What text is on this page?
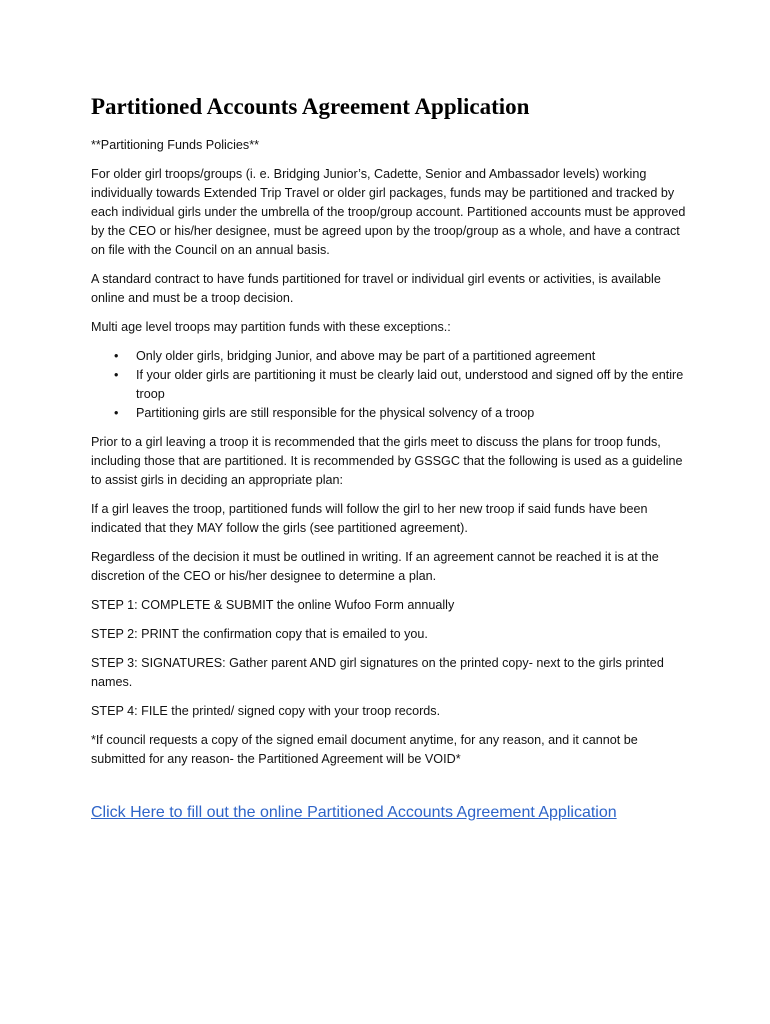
Partitioned Accounts Agreement Application

**Partitioning Funds Policies**

For older girl troops/groups (i. e. Bridging Junior’s, Cadette, Senior and Ambassador levels) working individually towards Extended Trip Travel or older girl packages, funds may be partitioned and tracked by each individual girls under the umbrella of the troop/group account. Partitioned accounts must be approved by the CEO or his/her designee, must be agreed upon by the troop/group as a whole, and have a contract on file with the Council on an annual basis.

A standard contract to have funds partitioned for travel or individual girl events or activities, is available online and must be a troop decision.

Multi age level troops may partition funds with these exceptions.:

• Only older girls, bridging Junior, and above may be part of a partitioned agreement
• If your older girls are partitioning it must be clearly laid out, understood and signed off by the entire troop
• Partitioning girls are still responsible for the physical solvency of a troop

Prior to a girl leaving a troop it is recommended that the girls meet to discuss the plans for troop funds, including those that are partitioned. It is recommended by GSSGC that the following is used as a guideline to assist girls in deciding an appropriate plan:

If a girl leaves the troop, partitioned funds will follow the girl to her new troop if said funds have been indicated that they MAY follow the girls (see partitioned agreement).

Regardless of the decision it must be outlined in writing. If an agreement cannot be reached it is at the discretion of the CEO or his/her designee to determine a plan.

STEP 1: COMPLETE & SUBMIT the online Wufoo Form annually

STEP 2: PRINT the confirmation copy that is emailed to you.

STEP 3: SIGNATURES: Gather parent AND girl signatures on the printed copy- next to the girls printed names.

STEP 4: FILE the printed/ signed copy with your troop records.

*If council requests a copy of the signed email document anytime, for any reason, and it cannot be submitted for any reason- the Partitioned Agreement will be VOID*

Click Here to fill out the online Partitioned Accounts Agreement Application
